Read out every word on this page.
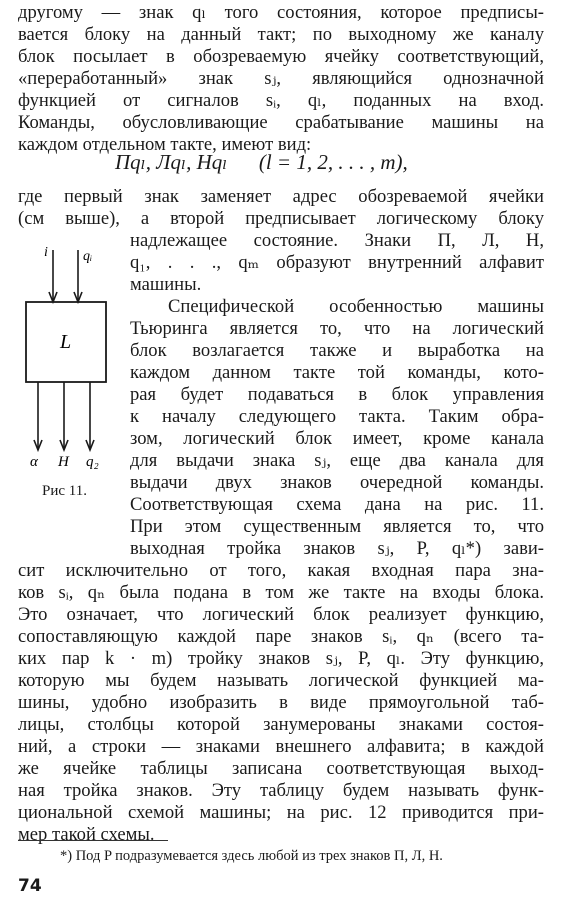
другому — знак qₗ того состояния, которое предписы-
вается блоку на данный такт; по выходному же каналу
блок посылает в обозреваемую ячейку соответствующий,
«переработанный» знак sⱼ, являющийся однозначной
функцией от сигналов sᵢ, qₗ, поданных на вход.
Команды, обусловливающие срабатывание машины на
каждом отдельном такте, имеют вид:
Пqₗ, Лqₗ, Нqₗ      (l = 1, 2, . . . , m),
где первый знак заменяет адрес обозреваемой ячейки
(см выше), а второй предписывает логическому блоку
надлежащее состояние. Знаки П, Л, Н,
q₁, . . ., qₘ образуют внутренний алфавит
машины.
Специфической особенностью машины
Тьюринга является то, что на логический
блок возлагается также и выработка на
каждом данном такте той команды, кото-
рая будет подаваться в блок управления
к началу следующего такта. Таким обра-
зом, логический блок имеет, кроме канала
для выдачи знака sⱼ, еще два канала для
выдачи двух знаков очередной команды.
Соответствующая схема дана на рис. 11.
При этом существенным является то, что
выходная тройка знаков sⱼ, P, qₗ*) зави-
сит исключительно от того, какая входная пара зна-
ков sᵢ, qₙ была подана в том же такте на входы блока.
Это означает, что логический блок реализует функцию,
сопоставляющую каждой паре знаков sᵢ, qₙ (всего та-
ких пар k · m) тройку знаков sⱼ, P, qₗ. Эту функцию,
которую мы будем называть логической функцией ма-
шины, удобно изобразить в виде прямоугольной таб-
лицы, столбцы которой занумерованы знаками состоя-
ний, а строки — знаками внешнего алфавита; в каждой
же ячейке таблицы записана соответствующая выход-
ная тройка знаков. Эту таблицу будем называть функ-
циональной схемой машины; на рис. 12 приводится при-
мер такой схемы.
L
i	qᵢ
α H q₂
Рис 11.
*) Под P подразумевается здесь любой из трех знаков П, Л, Н.
74
